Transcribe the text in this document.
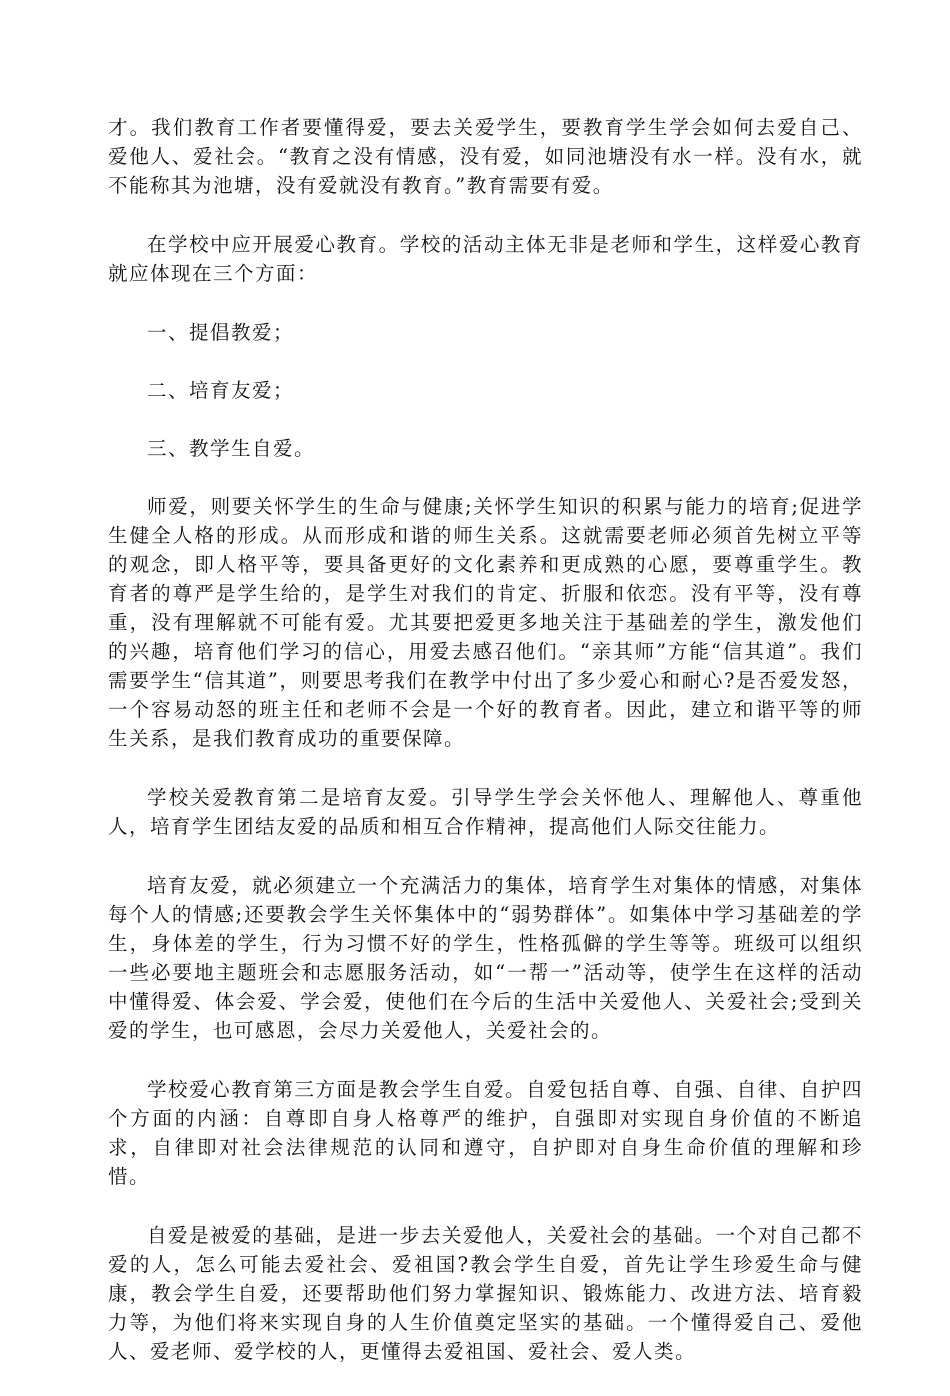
才。我们教育工作者要懂得爱，要去关爱学生，要教育学生学会如何去爱自己、爱他人、爱社会。“教育之没有情感，没有爱，如同池塘没有水一样。没有水，就不能称其为池塘，没有爱就没有教育。”教育需要有爱。

在学校中应开展爱心教育。学校的活动主体无非是老师和学生，这样爱心教育就应体现在三个方面：

一、提倡教爱；

二、培育友爱；

三、教学生自爱。

师爱，则要关怀学生的生命与健康;关怀学生知识的积累与能力的培育;促进学生健全人格的形成。从而形成和谐的师生关系。这就需要老师必须首先树立平等的观念，即人格平等，要具备更好的文化素养和更成熟的心愿，要尊重学生。教育者的尊严是学生给的，是学生对我们的肯定、折服和依恋。没有平等，没有尊重，没有理解就不可能有爱。尤其要把爱更多地关注于基础差的学生，激发他们的兴趣，培育他们学习的信心，用爱去感召他们。“亲其师”方能“信其道”。我们需要学生“信其道”，则要思考我们在教学中付出了多少爱心和耐心?是否爱发怒，一个容易动怒的班主任和老师不会是一个好的教育者。因此，建立和谐平等的师生关系，是我们教育成功的重要保障。

学校关爱教育第二是培育友爱。引导学生学会关怀他人、理解他人、尊重他人，培育学生团结友爱的品质和相互合作精神，提高他们人际交往能力。

培育友爱，就必须建立一个充满活力的集体，培育学生对集体的情感，对集体每个人的情感;还要教会学生关怀集体中的“弱势群体”。如集体中学习基础差的学生，身体差的学生，行为习惯不好的学生，性格孤僻的学生等等。班级可以组织一些必要地主题班会和志愿服务活动，如“一帮一”活动等，使学生在这样的活动中懂得爱、体会爱、学会爱，使他们在今后的生活中关爱他人、关爱社会;受到关爱的学生，也可感恩，会尽力关爱他人，关爱社会的。

学校爱心教育第三方面是教会学生自爱。自爱包括自尊、自强、自律、自护四个方面的内涵：自尊即自身人格尊严的维护，自强即对实现自身价值的不断追求，自律即对社会法律规范的认同和遵守，自护即对自身生命价值的理解和珍惜。

自爱是被爱的基础，是进一步去关爱他人，关爱社会的基础。一个对自己都不爱的人，怎么可能去爱社会、爱祖国?教会学生自爱，首先让学生珍爱生命与健康，教会学生自爱，还要帮助他们努力掌握知识、锻炼能力、改进方法、培育毅力等，为他们将来实现自身的人生价值奠定坚实的基础。一个懂得爱自己、爱他人、爱老师、爱学校的人，更懂得去爱祖国、爱社会、爱人类。
